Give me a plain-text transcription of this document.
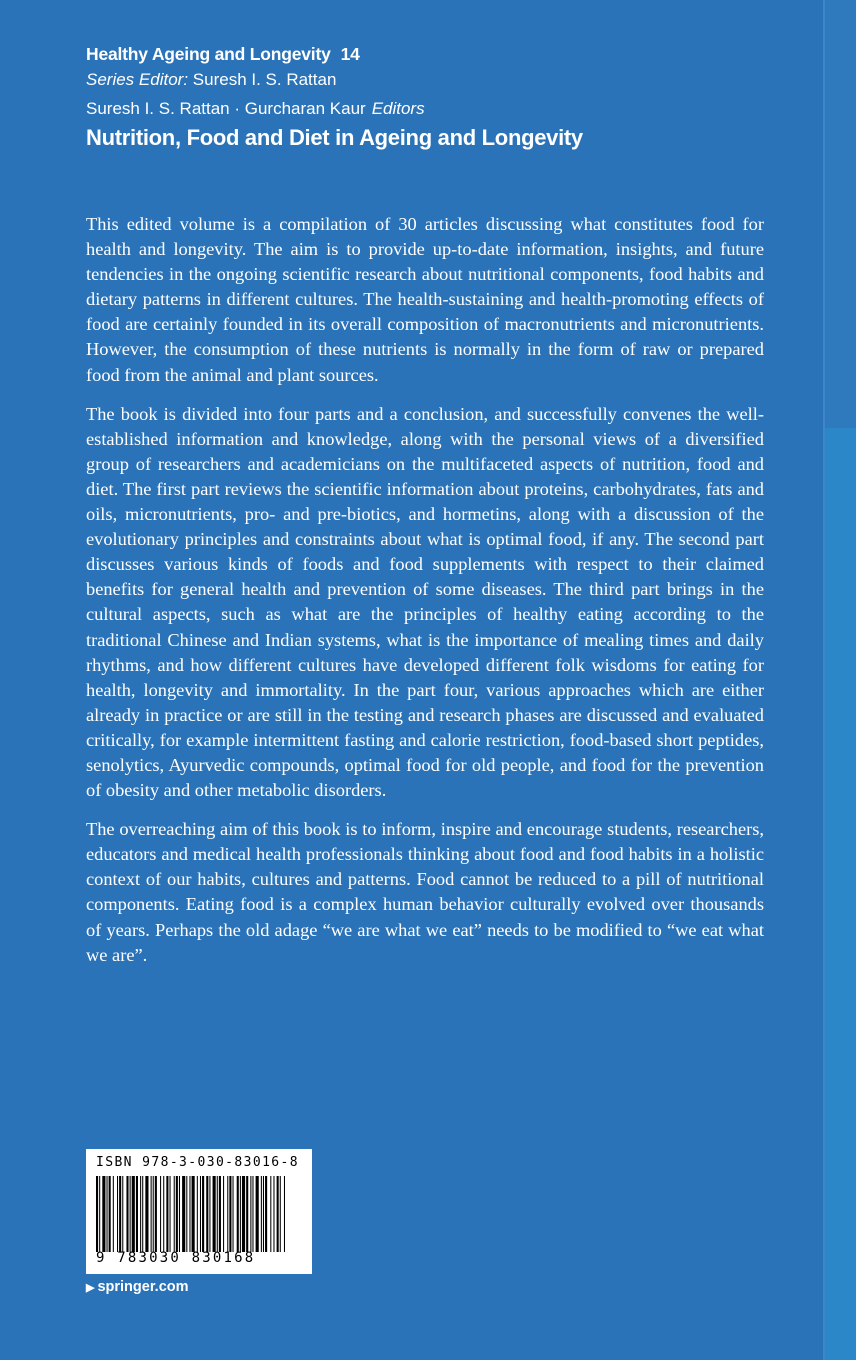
Healthy Ageing and Longevity 14
Series Editor: Suresh I. S. Rattan
Suresh I. S. Rattan · Gurcharan Kaur Editors
Nutrition, Food and Diet in Ageing and Longevity

This edited volume is a compilation of 30 articles discussing what constitutes food for health and longevity. The aim is to provide up-to-date information, insights, and future tendencies in the ongoing scientific research about nutritional components, food habits and dietary patterns in different cultures. The health-sustaining and health-promoting effects of food are certainly founded in its overall composition of macronutrients and micronutrients. However, the consumption of these nutrients is normally in the form of raw or prepared food from the animal and plant sources.

The book is divided into four parts and a conclusion, and successfully convenes the well-established information and knowledge, along with the personal views of a diversified group of researchers and academicians on the multifaceted aspects of nutrition, food and diet. The first part reviews the scientific information about proteins, carbohydrates, fats and oils, micronutrients, pro- and pre-biotics, and hormetins, along with a discussion of the evolutionary principles and constraints about what is optimal food, if any. The second part discusses various kinds of foods and food supplements with respect to their claimed benefits for general health and prevention of some diseases. The third part brings in the cultural aspects, such as what are the principles of healthy eating according to the traditional Chinese and Indian systems, what is the importance of mealing times and daily rhythms, and how different cultures have developed different folk wisdoms for eating for health, longevity and immortality. In the part four, various approaches which are either already in practice or are still in the testing and research phases are discussed and evaluated critically, for example intermittent fasting and calorie restriction, food-based short peptides, senolytics, Ayurvedic compounds, optimal food for old people, and food for the prevention of obesity and other metabolic disorders.

The overreaching aim of this book is to inform, inspire and encourage students, researchers, educators and medical health professionals thinking about food and food habits in a holistic context of our habits, cultures and patterns. Food cannot be reduced to a pill of nutritional components. Eating food is a complex human behavior culturally evolved over thousands of years. Perhaps the old adage “we are what we eat” needs to be modified to “we eat what we are”.

ISBN 978-3-030-83016-8
9 783030 830168
▶ springer.com
